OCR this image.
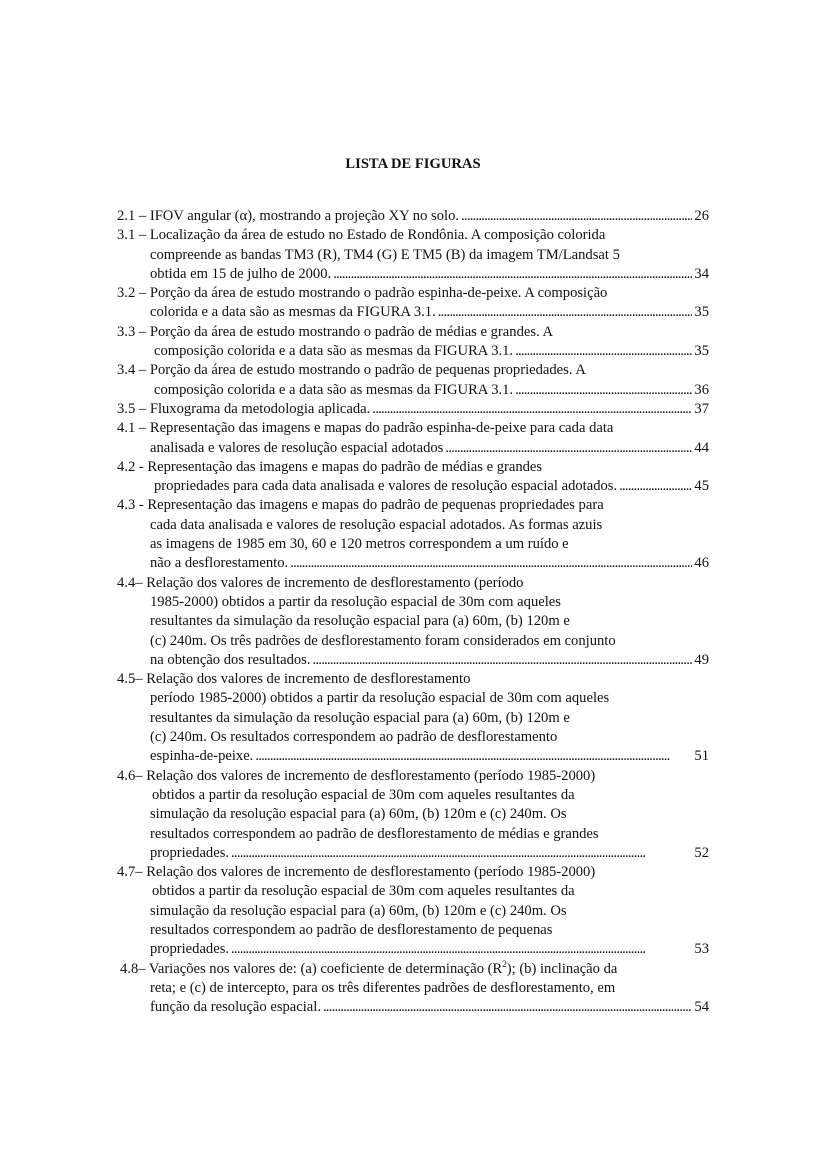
LISTA DE FIGURAS
2.1 – IFOV angular (α), mostrando a projeção XY no solo. . . .	26
3.1 – Localização da área de estudo no Estado de Rondônia. A composição colorida
compreende as bandas TM3 (R), TM4 (G) E TM5 (B) da imagem TM/Landsat 5
obtida em 15 de julho de 2000. . . .	34
3.2 – Porção da área de estudo mostrando o padrão espinha-de-peixe. A composição
colorida e a data são as mesmas da FIGURA 3.1. . . .	35
3.3 – Porção da área de estudo mostrando o padrão de médias e grandes. A
composição colorida e a data são as mesmas da FIGURA 3.1. . . .	35
3.4 – Porção da área de estudo mostrando o padrão de pequenas propriedades. A
composição colorida e a data são as mesmas da FIGURA 3.1. . . .	36
3.5 – Fluxograma da metodologia aplicada. . . .	37
4.1 – Representação das imagens e mapas do padrão espinha-de-peixe para cada data
analisada e valores de resolução espacial adotados . . .	44
4.2 - Representação das imagens e mapas do padrão de médias e grandes
propriedades para cada data analisada e valores de resolução espacial adotados. . . .	45
4.3 - Representação das imagens e mapas do padrão de pequenas propriedades para
cada data analisada e valores de resolução espacial adotados. As formas azuis
as imagens de 1985 em 30, 60 e 120 metros correspondem a um ruído e
não a desflorestamento. . . .	46
4.4– Relação dos valores de incremento de desflorestamento (período
1985-2000) obtidos a partir da resolução espacial de 30m com aqueles
resultantes da simulação da resolução espacial para (a) 60m, (b) 120m e
(c) 240m. Os três padrões de desflorestamento foram considerados em conjunto
na obtenção dos resultados. . . .	49
4.5– Relação dos valores de incremento de desflorestamento
período 1985-2000) obtidos a partir da resolução espacial de 30m com aqueles
resultantes da simulação da resolução espacial para (a) 60m, (b) 120m e
(c) 240m. Os resultados correspondem ao padrão de desflorestamento
espinha-de-peixe. . . .	51
4.6– Relação dos valores de incremento de desflorestamento (período 1985-2000)
obtidos a partir da resolução espacial de 30m com aqueles resultantes da
simulação da resolução espacial para (a) 60m, (b) 120m e (c) 240m. Os
resultados correspondem ao padrão de desflorestamento de médias e grandes
propriedades. . . .	52
4.7– Relação dos valores de incremento de desflorestamento (período 1985-2000)
obtidos a partir da resolução espacial de 30m com aqueles resultantes da
simulação da resolução espacial para (a) 60m, (b) 120m e (c) 240m. Os
resultados correspondem ao padrão de desflorestamento de pequenas
propriedades. . . .	53
4.8– Variações nos valores de: (a) coeficiente de determinação $(R^2)$; (b) inclinação da
reta; e (c) de intercepto, para os três diferentes padrões de desflorestamento, em
função da resolução espacial. . . .	54
